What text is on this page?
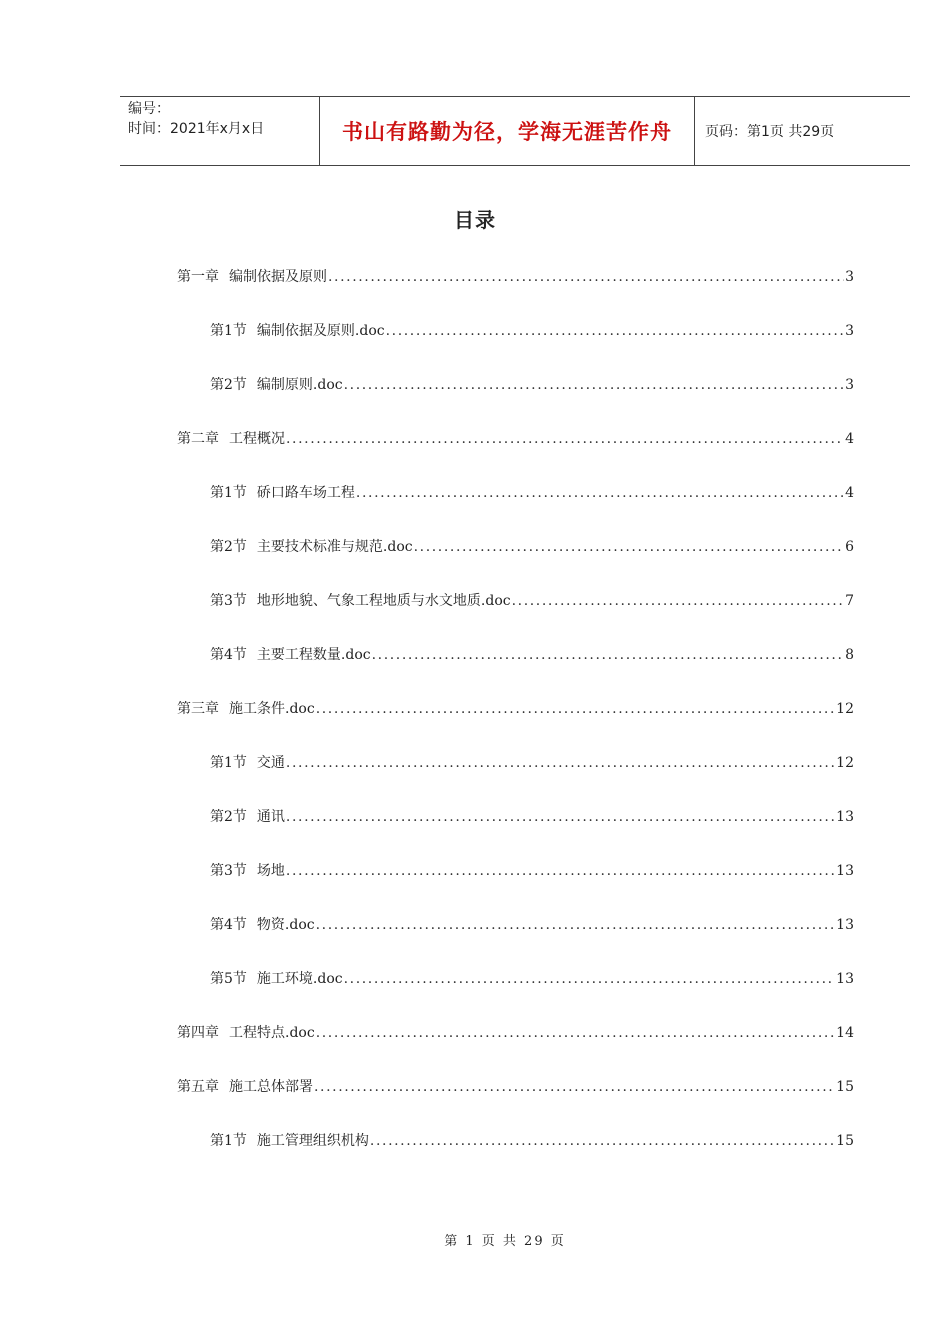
编号：
时间：2021年x月x日	书山有路勤为径，学海无涯苦作舟	页码：第1页 共29页
目录
第一章 编制依据及原则 .....	3
第1节 编制依据及原则.doc .....	3
第2节 编制原则.doc .....	3
第二章 工程概况 .....	4
第1节 硚口路车场工程 .....	4
第2节 主要技术标准与规范.doc .....	6
第3节 地形地貌、气象工程地质与水文地质.doc .....	7
第4节 主要工程数量.doc .....	8
第三章 施工条件.doc .....	12
第1节 交通 .....	12
第2节 通讯 .....	13
第3节 场地 .....	13
第4节 物资.doc .....	13
第5节 施工环境.doc .....	13
第四章 工程特点.doc .....	14
第五章 施工总体部署 .....	15
第1节 施工管理组织机构 .....	15
第 1 页 共 29 页
